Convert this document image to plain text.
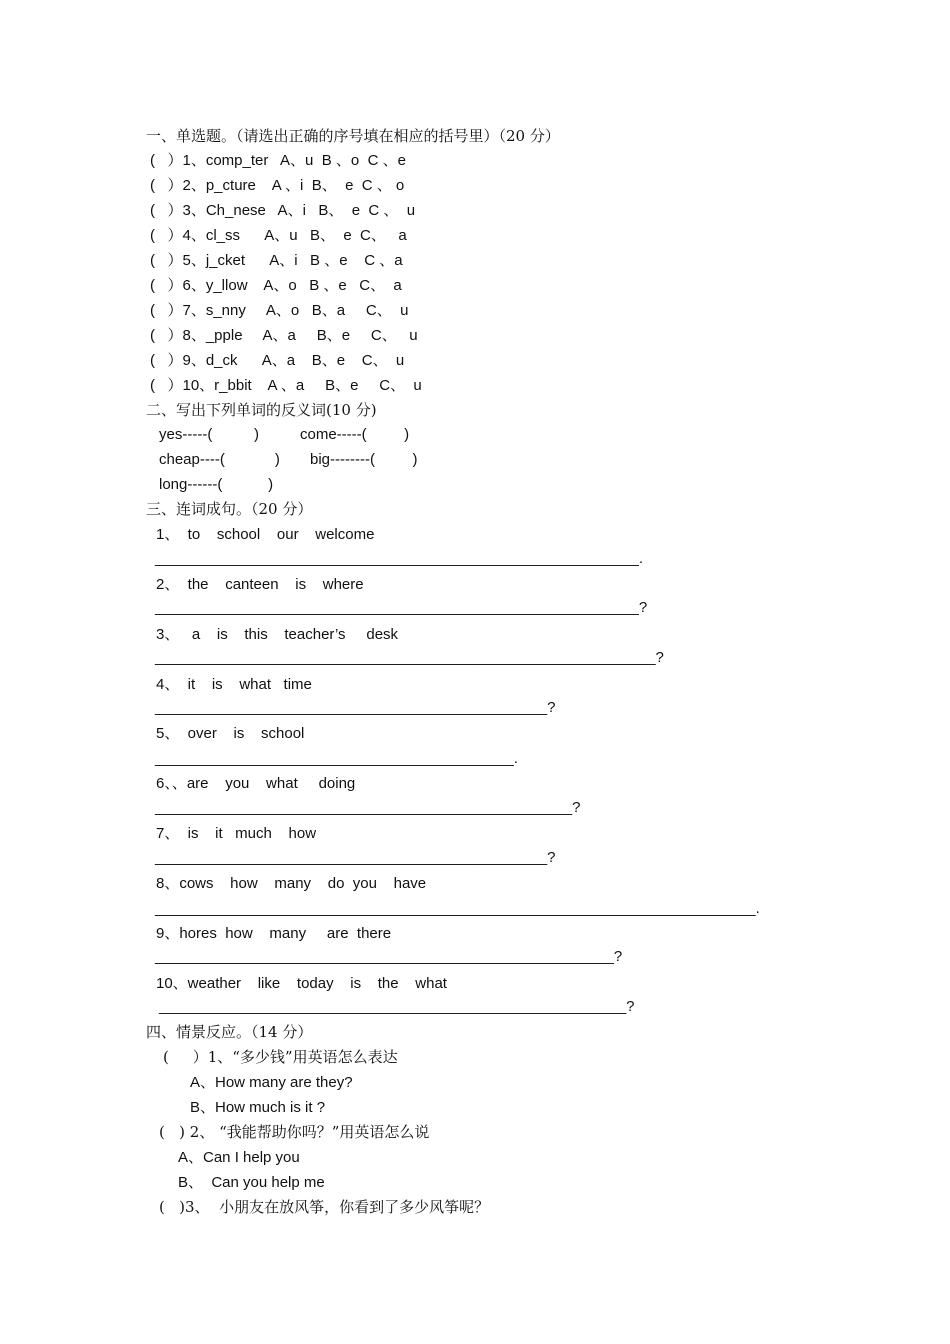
一、单选题。（请选出正确的序号填在相应的括号里）（20 分）
(   ）1、comp_ter   A、u  B 、o  C 、e
(   ）2、p_cture    A 、i  B、  e  C 、 o
(   ）3、Ch_nese   A、i   B、  e  C 、  u
(   ）4、cl_ss      A、u   B、  e  C、   a
(   ）5、j_cket      A、i   B 、e    C 、a
(   ）6、y_llow    A、o   B 、e   C、  a
(   ）7、s_nny     A、o   B、a     C、  u
(   ）8、_pple     A、a     B、e     C、   u
(   ）9、d_ck      A、a    B、e    C、  u
(   ）10、r_bbit    A 、a     B、e     C、  u
二、写出下列单词的反义词(10 分)
yes-----(          )	come-----(         )
cheap----(            ) big--------(         )
long------(           )
三、连词成句。（20 分）
1、  to    school    our    welcome
__________________________________________________________.
2、  the    canteen    is    where
__________________________________________________________?
3、   a    is    this    teacher’s     desk
____________________________________________________________?
4、  it    is    what   time
_______________________________________________?
5、  over    is    school
___________________________________________.
6、、are    you    what     doing
__________________________________________________?
7、  is    it   much    how
_______________________________________________?
8、cows    how    many    do  you    have
________________________________________________________________________.
9、hores  how    many     are  there
_______________________________________________________?
10、weather    like    today    is    the    what
________________________________________________________?
四、情景反应。（14 分）
(     ）1、“多少钱”用英语怎么表达
A、How many are they?
B、How much is it ?
(   ) 2、 “我能帮助你吗？”用英语怎么说
A、Can I help you
B、  Can you help me
(   )3、  小朋友在放风筝，你看到了多少风筝呢？
